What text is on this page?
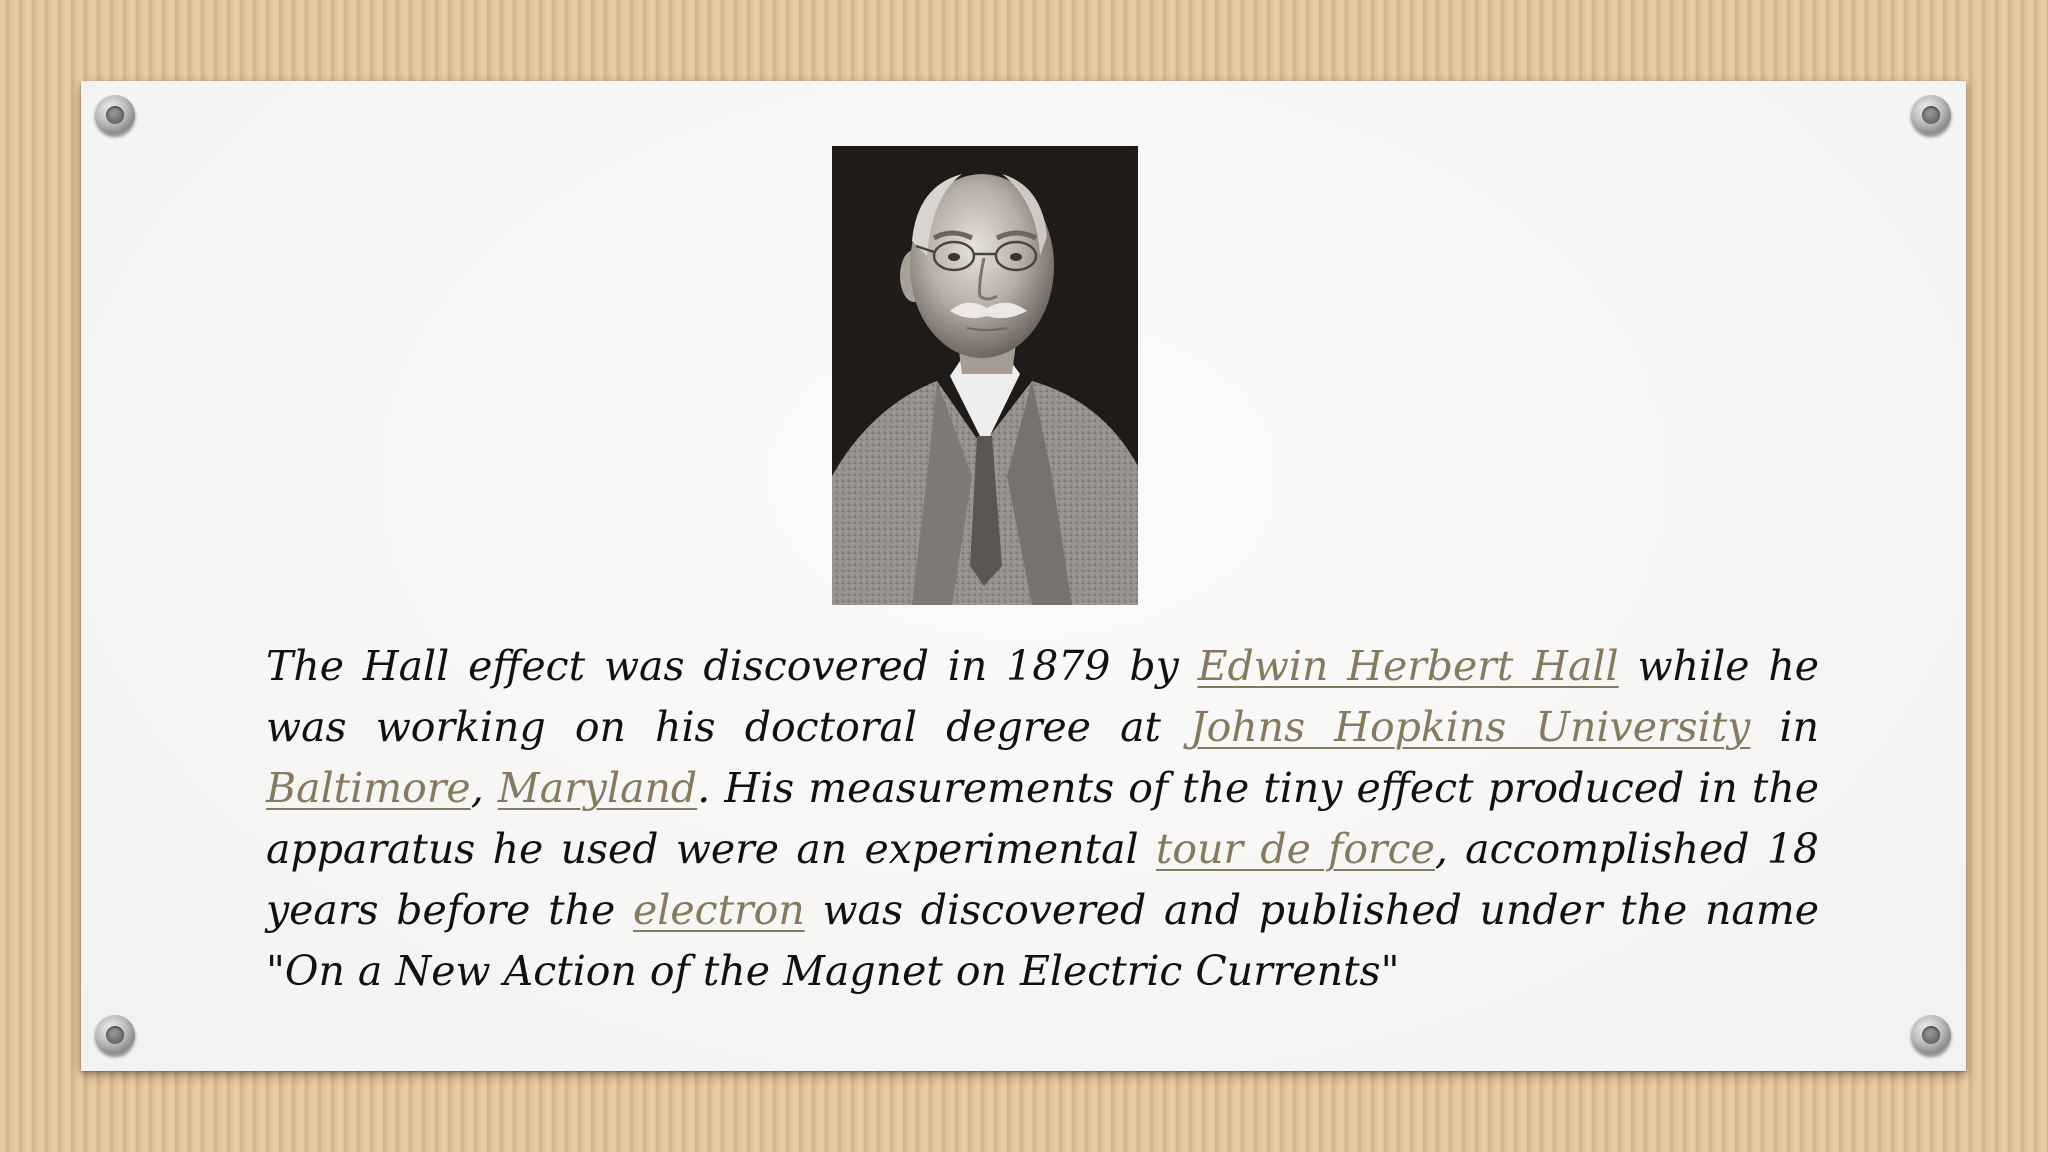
The Hall effect was discovered in 1879 by Edwin Herbert Hall while he was working on his doctoral degree at Johns Hopkins University in Baltimore, Maryland. His measurements of the tiny effect produced in the apparatus he used were an experimental tour de force, accomplished 18 years before the electron was discovered and published under the name "On a New Action of the Magnet on Electric Currents"
